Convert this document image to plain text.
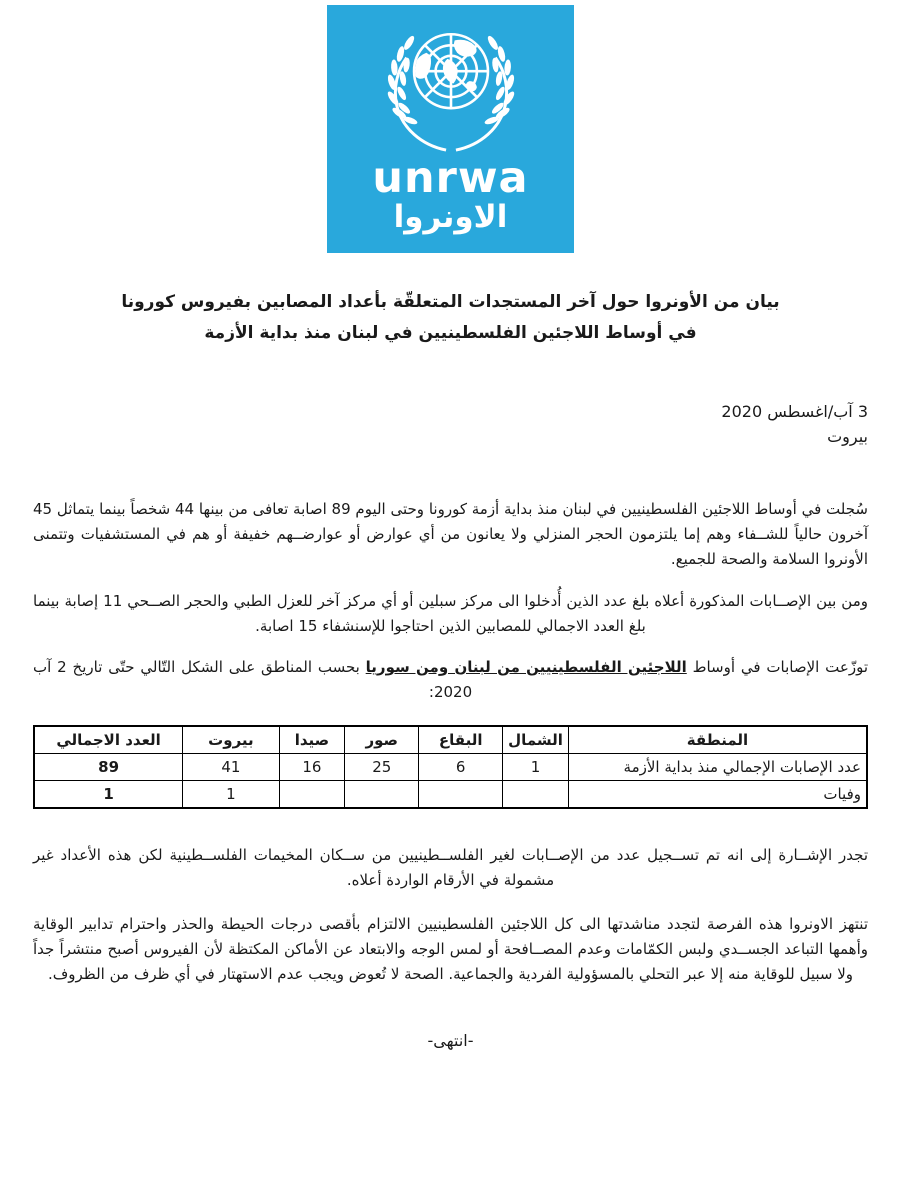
unrwa
الاونروا
بيان من الأونروا حول آخر المستجدات المتعلقّة بأعداد المصابين بفيروس كورونا
في أوساط اللاجئين الفلسطينيين في لبنان منذ بداية الأزمة
3 آب/اغسطس 2020
بيروت

سُجلت في أوساط اللاجئين الفلسطينيين في لبنان منذ بداية أزمة كورونا وحتى اليوم 89 اصابة تعافى من بينها 44 شخصاً بينما يتماثل 45 آخرون حالياً للشــفاء وهم إما يلتزمون الحجر المنزلي ولا يعانون من أي عوارض أو عوارضــهم خفيفة أو هم في المستشفيات وتتمنى الأونروا السلامة والصحة للجميع.

ومن بين الإصــابات المذكورة أعلاه بلغ عدد الذين أُدخلوا الى مركز سبلين أو أي مركز آخر للعزل الطبي والحجر الصــحي 11 إصابة بينما بلغ العدد الاجمالي للمصابين الذين احتاجوا للإسنشفاء 15 اصابة.

توزّعت الإصابات في أوساط اللاجئين الفلسطينيين من لبنان ومن سوريا بحسب المناطق على الشكل التّالي حتّى تاريخ 2 آب 2020:

المنطقة	الشمال	البقاع	صور	صيدا	بيروت	العدد الاجمالي
عدد الإصابات الإجمالي منذ بداية الأزمة	1	6	25	16	41	89
وفيات					1	1

تجدر الإشــارة إلى انه تم تســجيل عدد من الإصــابات لغير الفلســطينيين من ســكان المخيمات الفلســطينية لكن هذه الأعداد غير مشمولة في الأرقام الواردة أعلاه.

تنتهز الاونروا هذه الفرصة لتجدد مناشدتها الى كل اللاجئين الفلسطينيين الالتزام بأقصى درجات الحيطة والحذر واحترام تدابير الوقاية وأهمها التباعد الجســدي ولبس الكمّامات وعدم المصــافحة أو لمس الوجه والابتعاد عن الأماكن المكتظة لأن الفيروس أصبح منتشراً جداً ولا سبيل للوقاية منه إلا عبر التحلي بالمسؤولية الفردية والجماعية. الصحة لا تُعوض ويجب عدم الاستهتار في أي ظرف من الظروف.

-انتهى-
